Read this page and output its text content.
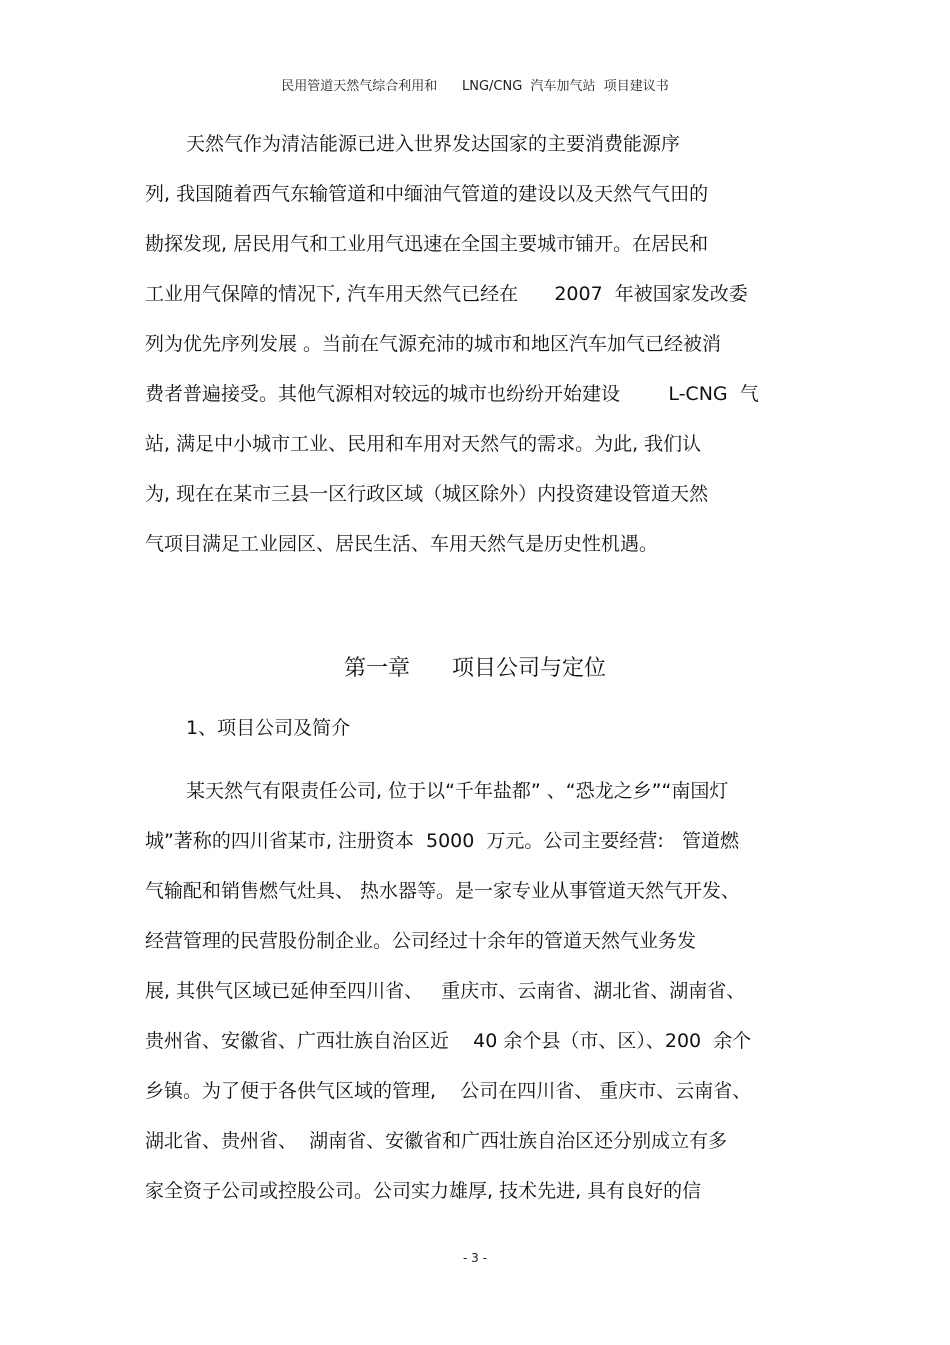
民用管道天然气综合利用和      LNG/CNG  汽车加气站  项目建议书
天然气作为清洁能源已进入世界发达国家的主要消费能源序
列, 我国随着西气东输管道和中缅油气管道的建设以及天然气气田的
勘探发现, 居民用气和工业用气迅速在全国主要城市铺开。在居民和
工业用气保障的情况下, 汽车用天然气已经在      2007  年被国家发改委
列为优先序列发展 。当前在气源充沛的城市和地区汽车加气已经被消
费者普遍接受。其他气源相对较远的城市也纷纷开始建设        L-CNG  气
站, 满足中小城市工业、民用和车用对天然气的需求。为此, 我们认
为, 现在在某市三县一区行政区域（城区除外）内投资建设管道天然
气项目满足工业园区、居民生活、车用天然气是历史性机遇。
第一章      项目公司与定位
1、项目公司及简介
某天然气有限责任公司, 位于以“千年盐都” 、“恐龙之乡”“南国灯
城”著称的四川省某市, 注册资本  5000  万元。公司主要经营:   管道燃
气输配和销售燃气灶具、 热水器等。是一家专业从事管道天然气开发、
经营管理的民营股份制企业。公司经过十余年的管道天然气业务发
展, 其供气区域已延伸至四川省、   重庆市、云南省、湖北省、湖南省、
贵州省、安徽省、广西壮族自治区近    40 余个县（市、区）、200  余个
乡镇。为了便于各供气区域的管理,    公司在四川省、 重庆市、云南省、
湖北省、贵州省、  湖南省、安徽省和广西壮族自治区还分别成立有多
家全资子公司或控股公司。公司实力雄厚, 技术先进, 具有良好的信
- 3 -
